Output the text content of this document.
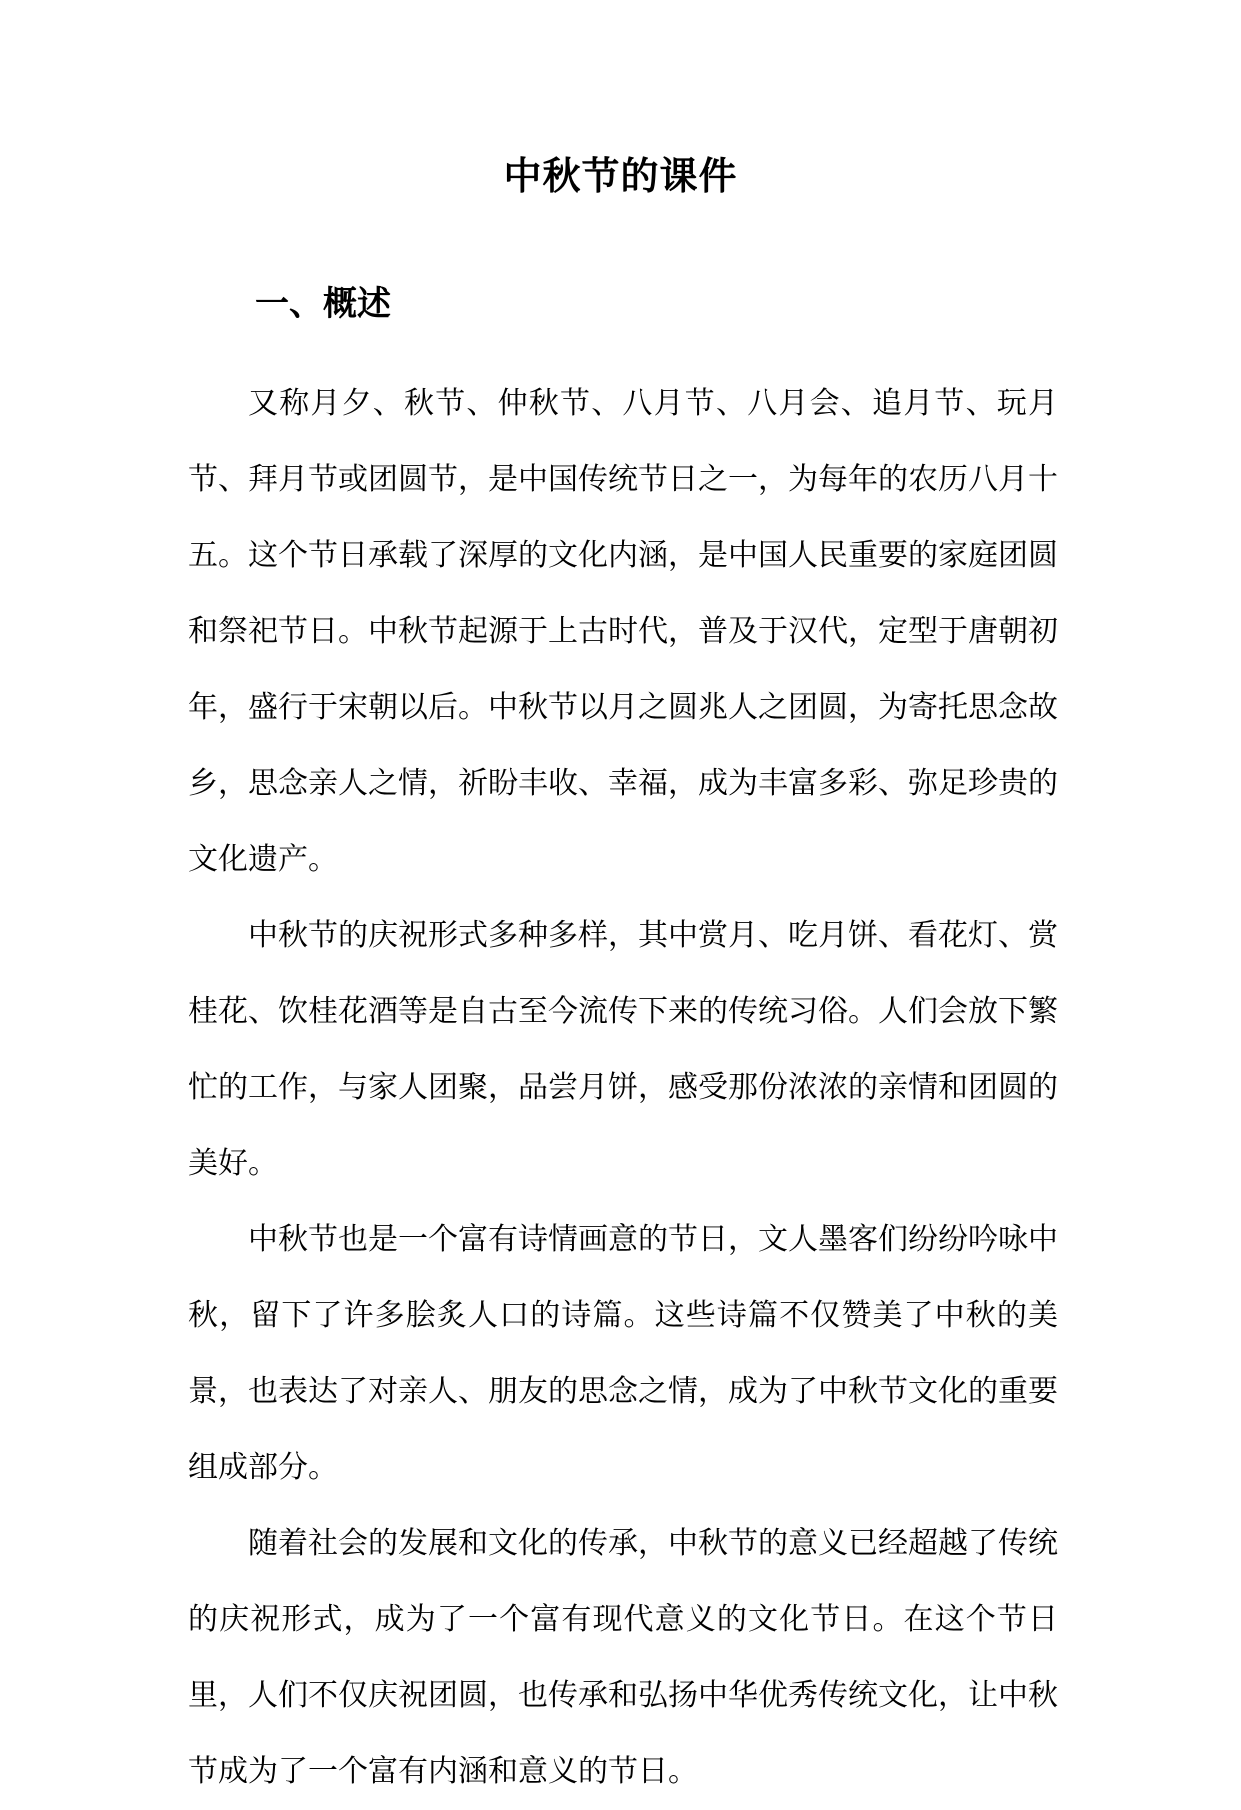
中秋节的课件
一、概述

又称月夕、秋节、仲秋节、八月节、八月会、追月节、玩月节、拜月节或团圆节，是中国传统节日之一，为每年的农历八月十五。这个节日承载了深厚的文化内涵，是中国人民重要的家庭团圆和祭祀节日。中秋节起源于上古时代，普及于汉代，定型于唐朝初年，盛行于宋朝以后。中秋节以月之圆兆人之团圆，为寄托思念故乡，思念亲人之情，祈盼丰收、幸福，成为丰富多彩、弥足珍贵的文化遗产。

中秋节的庆祝形式多种多样，其中赏月、吃月饼、看花灯、赏桂花、饮桂花酒等是自古至今流传下来的传统习俗。人们会放下繁忙的工作，与家人团聚，品尝月饼，感受那份浓浓的亲情和团圆的美好。

中秋节也是一个富有诗情画意的节日，文人墨客们纷纷吟咏中秋，留下了许多脍炙人口的诗篇。这些诗篇不仅赞美了中秋的美景，也表达了对亲人、朋友的思念之情，成为了中秋节文化的重要组成部分。

随着社会的发展和文化的传承，中秋节的意义已经超越了传统的庆祝形式，成为了一个富有现代意义的文化节日。在这个节日里，人们不仅庆祝团圆，也传承和弘扬中华优秀传统文化，让中秋节成为了一个富有内涵和意义的节日。
